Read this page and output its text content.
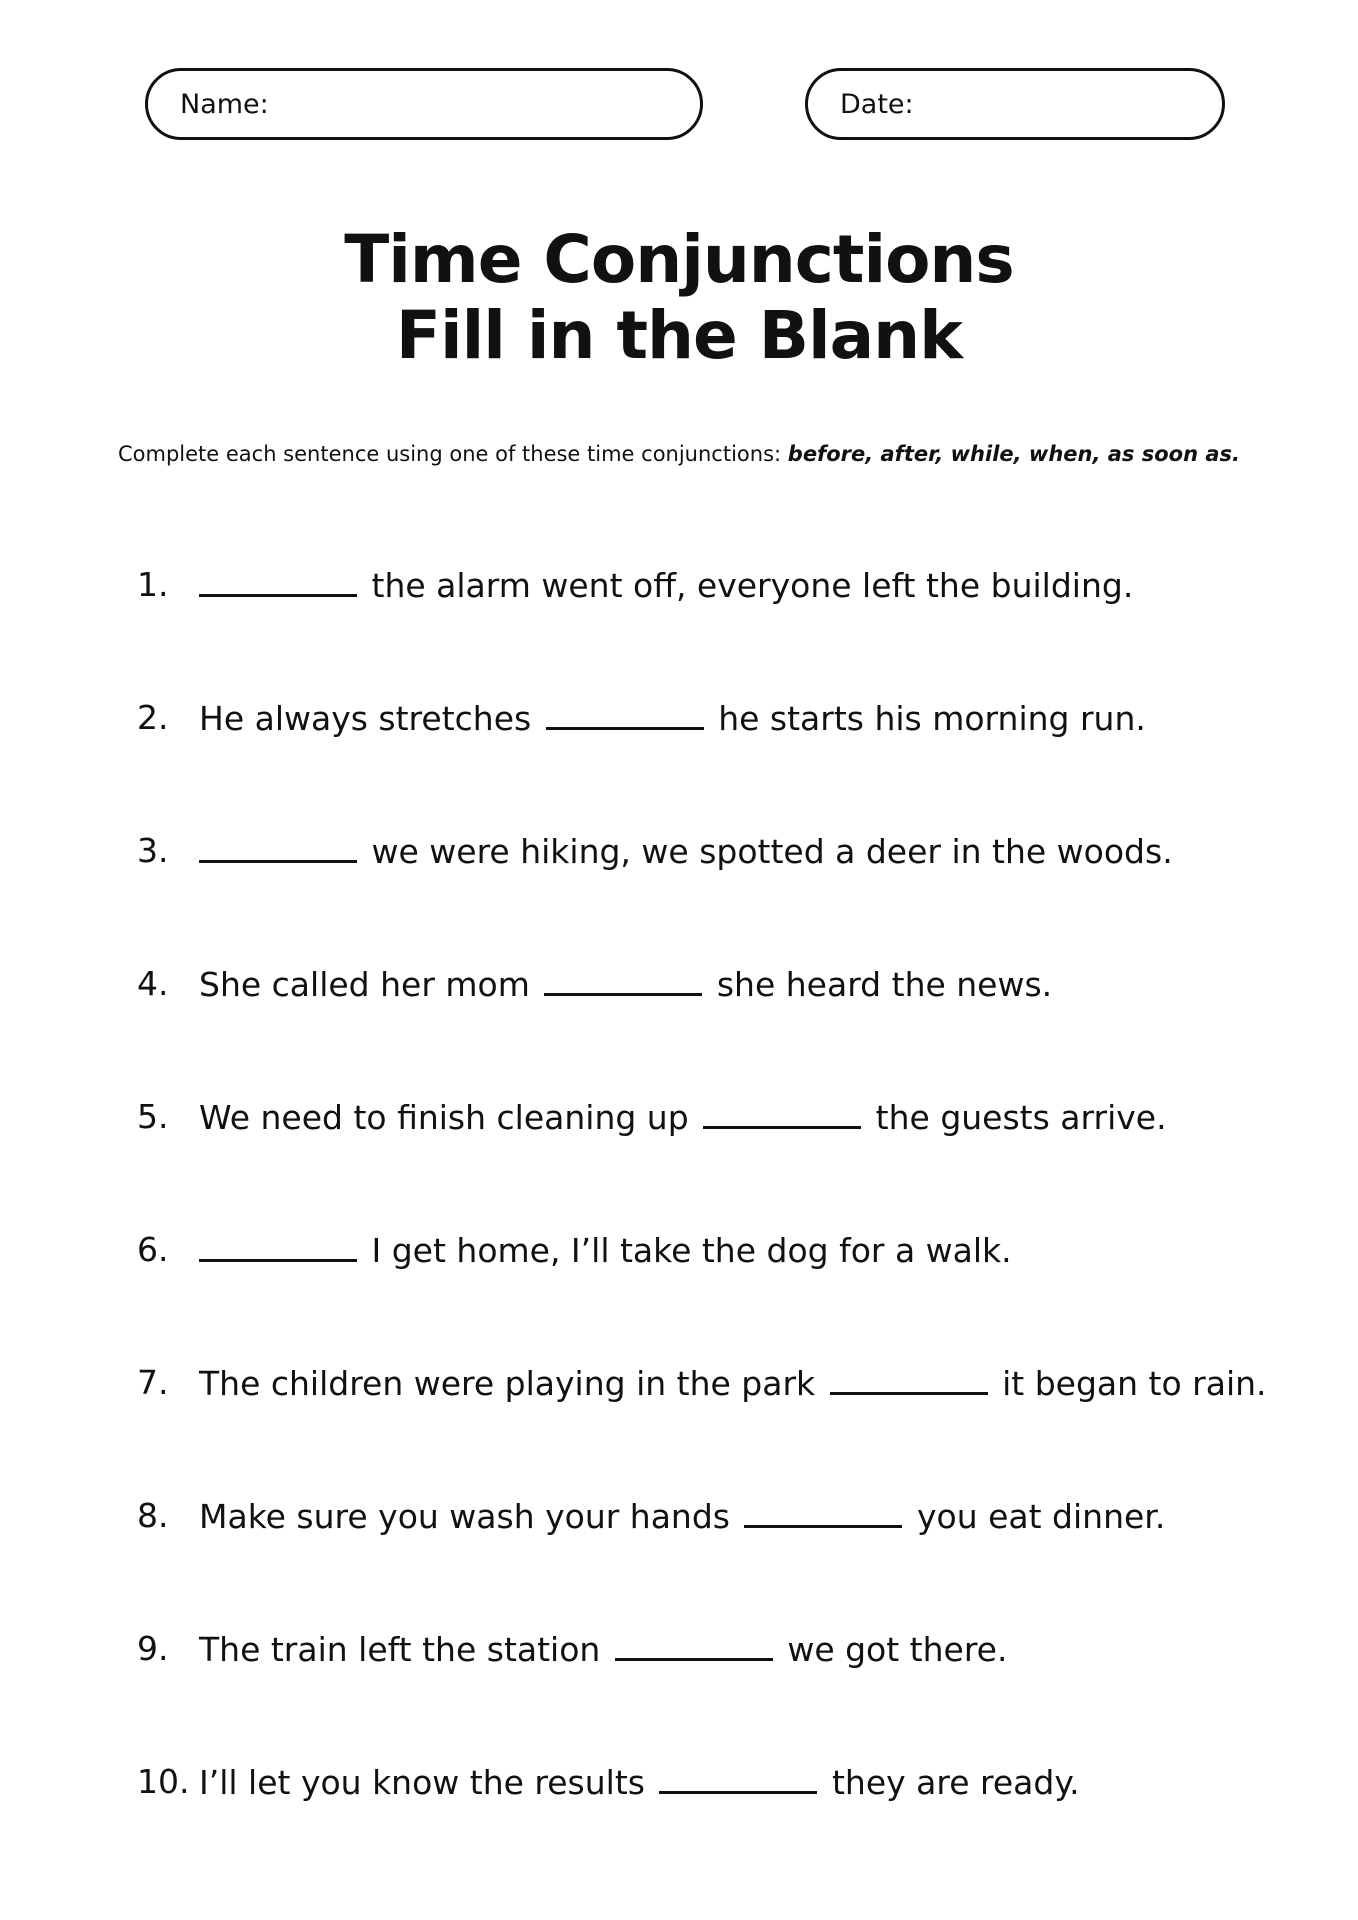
Name:	Date:
Time Conjunctions
Fill in the Blank
Complete each sentence using one of these time conjunctions: before, after, while, when, as soon as.
1.	the alarm went off, everyone left the building.
2. He always stretches	he starts his morning run.
3.	we were hiking, we spotted a deer in the woods.
4. She called her mom	she heard the news.
5. We need to finish cleaning up	the guests arrive.
6.	I get home, I’ll take the dog for a walk.
7. The children were playing in the park	it began to rain.
8. Make sure you wash your hands	you eat dinner.
9. The train left the station	we got there.
10. I’ll let you know the results	they are ready.
